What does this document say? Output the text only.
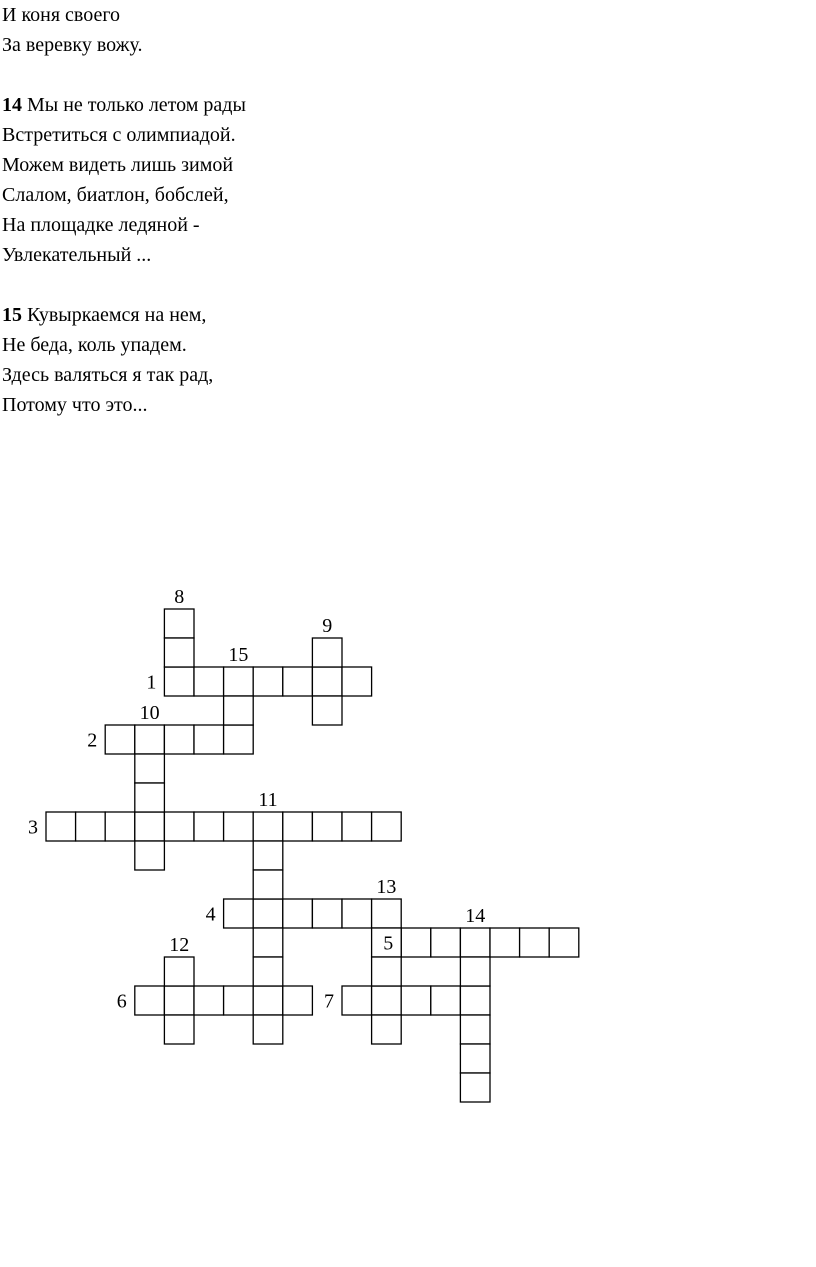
И коня своего
За веревку вожу.
14 Мы не только летом рады
Встретиться с олимпиадой.
Можем видеть лишь зимой
Слалом, биатлон, бобслей,
На площадке ледяной -
Увлекательный ...
15 Кувыркаемся на нем,
Не беда, коль упадем.
Здесь валяться я так рад,
Потому что это...
1
2
3
4
5
6	7
8
9
10
11
12
13
14
15
